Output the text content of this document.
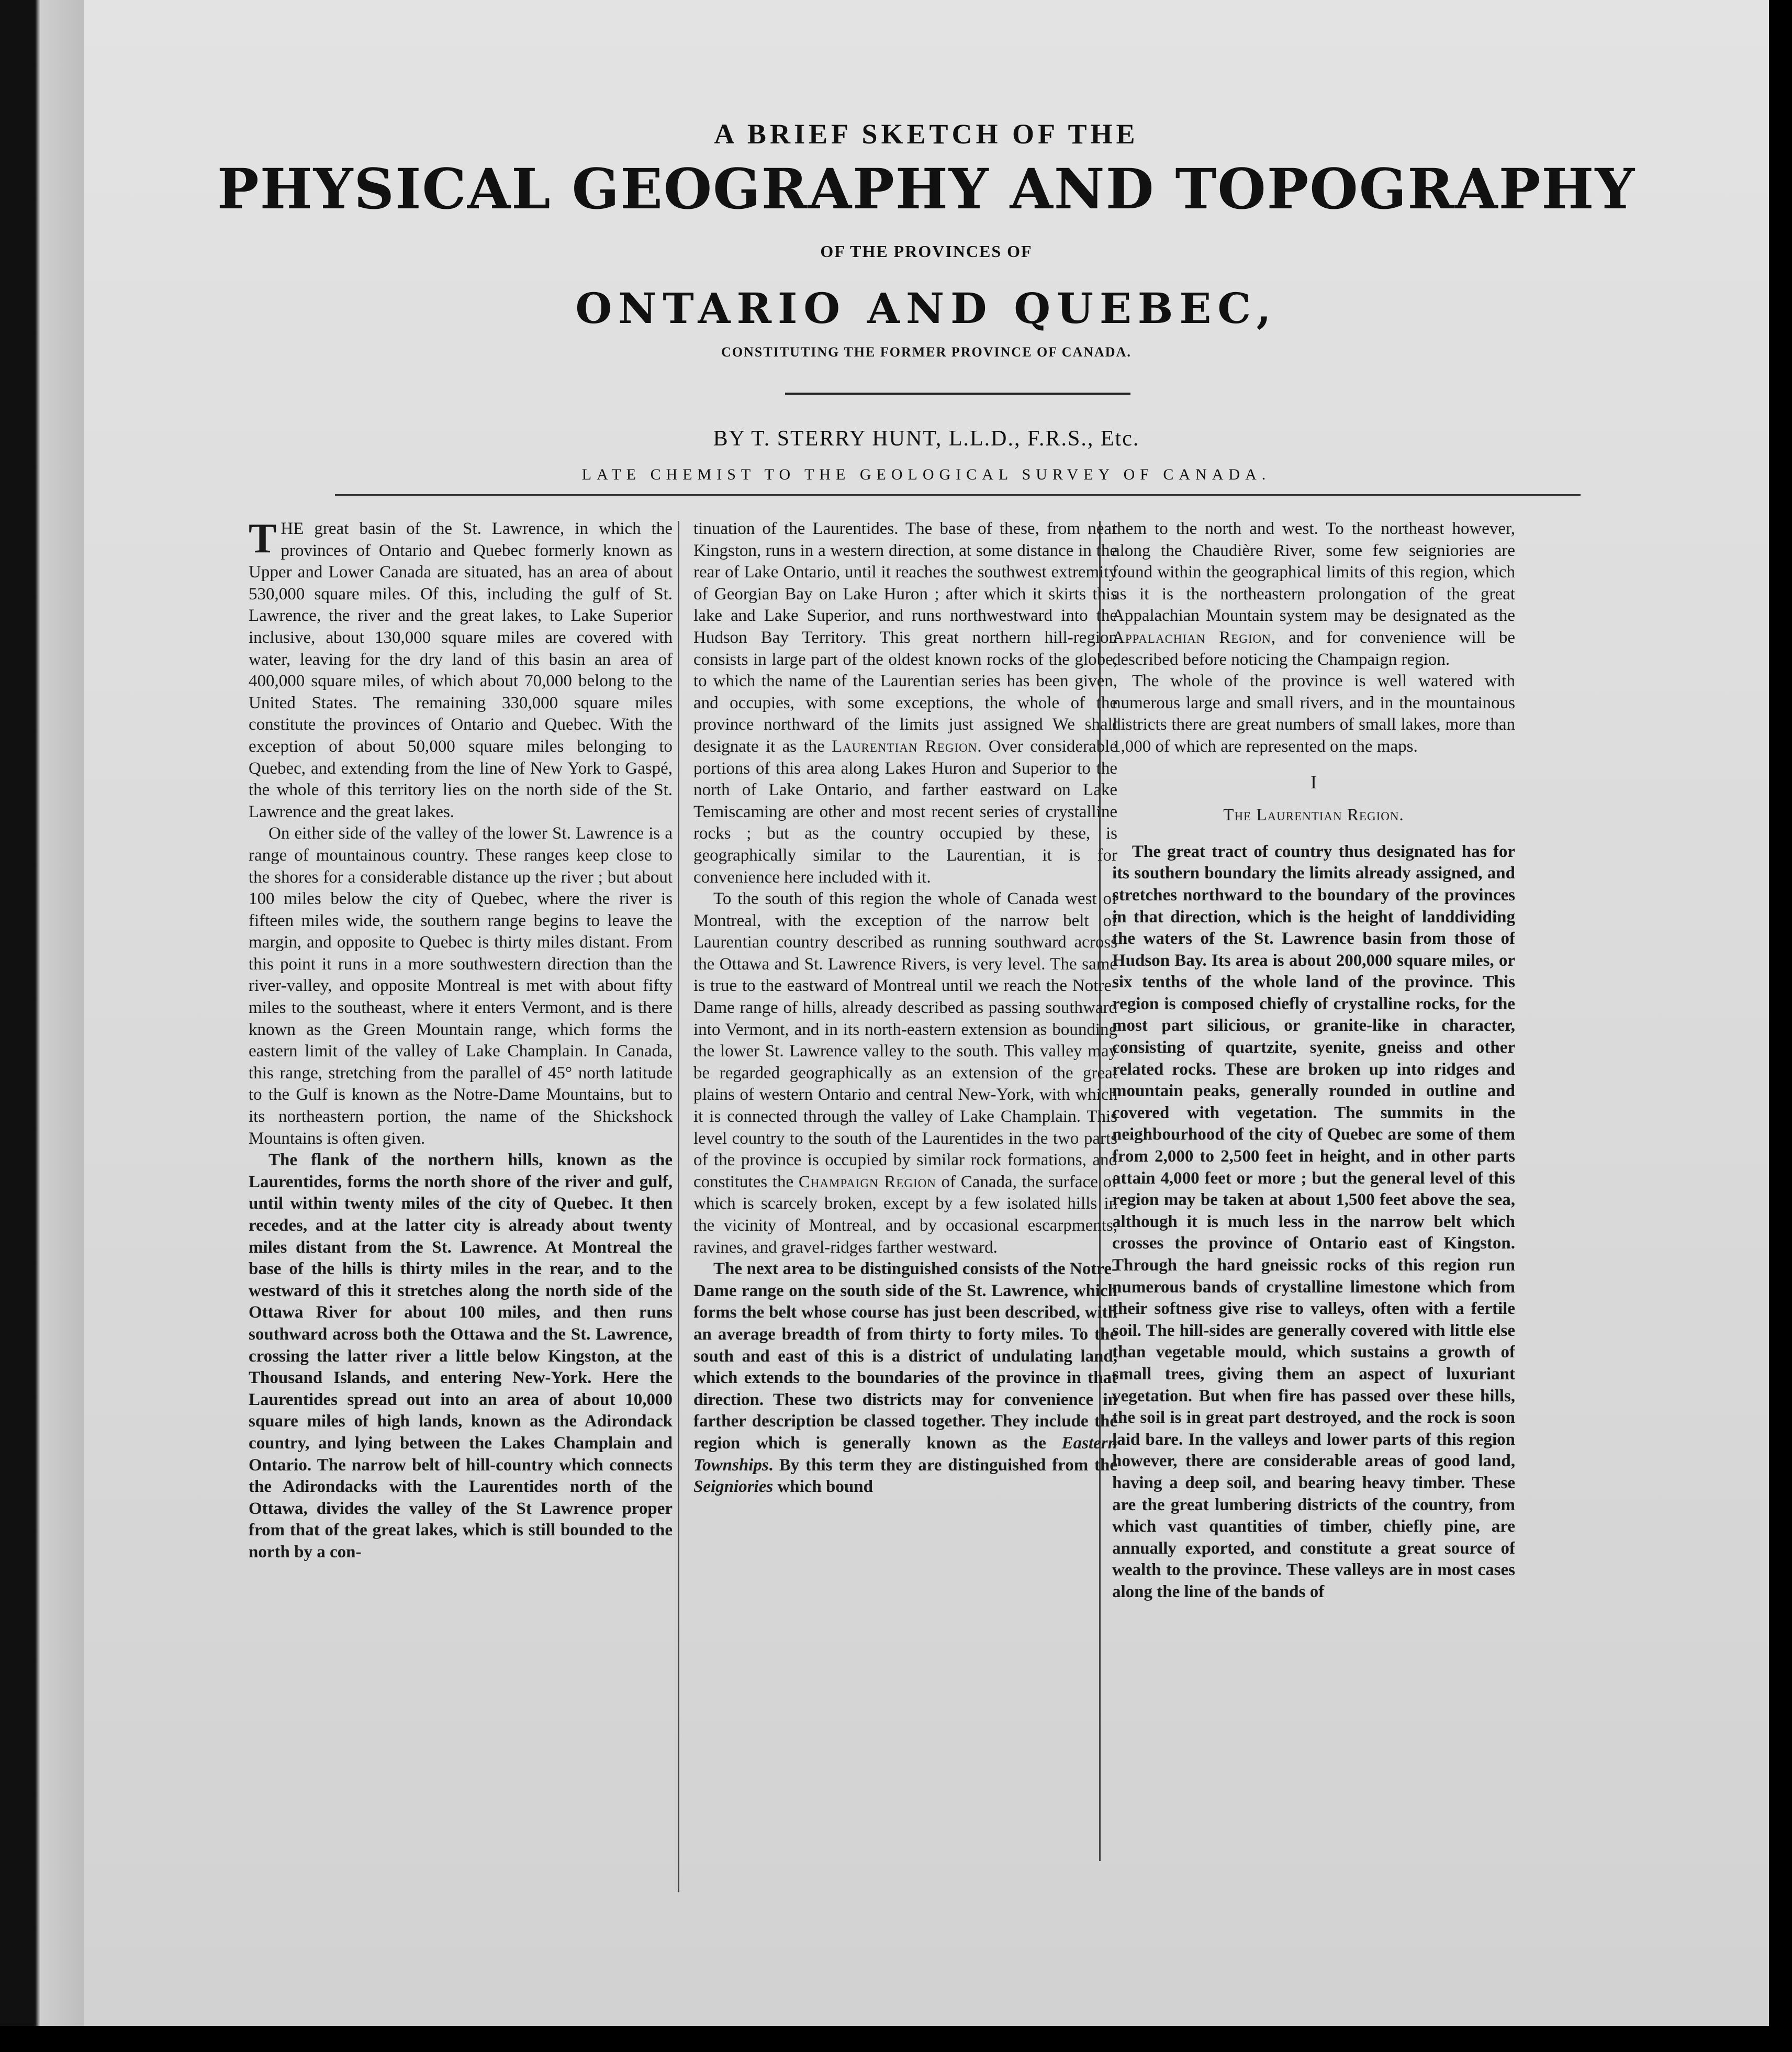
A BRIEF SKETCH OF THE
PHYSICAL GEOGRAPHY AND TOPOGRAPHY
OF THE PROVINCES OF
ONTARIO AND QUEBEC,
CONSTITUTING THE FORMER PROVINCE OF CANADA.
BY T. STERRY HUNT, L.L.D., F.R.S., Etc.
LATE CHEMIST TO THE GEOLOGICAL SURVEY OF CANADA.

THE great basin of the St. Lawrence, in which the provinces of Ontario and Quebec formerly known as Upper and Lower Canada are situated, has an area of about 530,000 square miles. Of this, including the gulf of St. Lawrence, the river and the great lakes, to Lake Superior inclusive, about 130,000 square miles are covered with water, leaving for the dry land of this basin an area of 400,000 square miles, of which about 70,000 belong to the United States. The remaining 330,000 square miles constitute the provinces of Ontario and Quebec. With the exception of about 50,000 square miles belonging to Quebec, and extending from the line of New York to Gaspé, the whole of this territory lies on the north side of the St. Lawrence and the great lakes.

On either side of the valley of the lower St. Lawrence is a range of mountainous country. These ranges keep close to the shores for a considerable distance up the river ; but about 100 miles below the city of Quebec, where the river is fifteen miles wide, the southern range begins to leave the margin, and opposite to Quebec is thirty miles distant. From this point it runs in a more southwestern direction than the river-valley, and opposite Montreal is met with about fifty miles to the southeast, where it enters Vermont, and is there known as the Green Mountain range, which forms the eastern limit of the valley of Lake Champlain. In Canada, this range, stretching from the parallel of 45° north latitude to the Gulf is known as the Notre-Dame Mountains, but to its northeastern portion, the name of the Shickshock Mountains is often given.

The flank of the northern hills, known as the Laurentides, forms the north shore of the river and gulf, until within twenty miles of the city of Quebec. It then recedes, and at the latter city is already about twenty miles distant from the St. Lawrence. At Montreal the base of the hills is thirty miles in the rear, and to the westward of this it stretches along the north side of the Ottawa River for about 100 miles, and then runs southward across both the Ottawa and the St. Lawrence, crossing the latter river a little below Kingston, at the Thousand Islands, and entering New-York. Here the Laurentides spread out into an area of about 10,000 square miles of high lands, known as the Adirondack country, and lying between the Lakes Champlain and Ontario. The narrow belt of hill-country which connects the Adirondacks with the Laurentides north of the Ottawa, divides the valley of the St Lawrence proper from that of the great lakes, which is still bounded to the north by a con-

tinuation of the Laurentides. The base of these, from near Kingston, runs in a western direction, at some distance in the rear of Lake Ontario, until it reaches the southwest extremity of Georgian Bay on Lake Huron ; after which it skirts this lake and Lake Superior, and runs northwestward into the Hudson Bay Territory. This great northern hill-region consists in large part of the oldest known rocks of the globe, to which the name of the Laurentian series has been given, and occupies, with some exceptions, the whole of the province northward of the limits just assigned We shall designate it as the Laurentian Region. Over considerable portions of this area along Lakes Huron and Superior to the north of Lake Ontario, and farther eastward on Lake Temiscaming are other and most recent series of crystalline rocks ; but as the country occupied by these, is geographically similar to the Laurentian, it is for convenience here included with it.

To the south of this region the whole of Canada west of Montreal, with the exception of the narrow belt of Laurentian country described as running southward across the Ottawa and St. Lawrence Rivers, is very level. The same is true to the eastward of Montreal until we reach the Notre-Dame range of hills, already described as passing southward into Vermont, and in its north-eastern extension as bounding the lower St. Lawrence valley to the south. This valley may be regarded geographically as an extension of the great plains of western Ontario and central New-York, with which it is connected through the valley of Lake Champlain. This level country to the south of the Laurentides in the two parts of the province is occupied by similar rock formations, and constitutes the Champaign Region of Canada, the surface of which is scarcely broken, except by a few isolated hills in the vicinity of Montreal, and by occasional escarpments, ravines, and gravel-ridges farther westward.

The next area to be distinguished consists of the Notre-Dame range on the south side of the St. Lawrence, which forms the belt whose course has just been described, with an average breadth of from thirty to forty miles. To the south and east of this is a district of undulating land, which extends to the boundaries of the province in that direction. These two districts may for convenience in farther description be classed together. They include the region which is generally known as the Eastern Townships. By this term they are distinguished from the Seigniories which bound

them to the north and west. To the northeast however, along the Chaudière River, some few seigniories are found within the geographical limits of this region, which as it is the northeastern prolongation of the great Appalachian Mountain system may be designated as the Appalachian Region, and for convenience will be described before noticing the Champaign region.

The whole of the province is well watered with numerous large and small rivers, and in the mountainous districts there are great numbers of small lakes, more than 1,000 of which are represented on the maps.

I

The Laurentian Region.

The great tract of country thus designated has for its southern boundary the limits already assigned, and stretches northward to the boundary of the provinces in that direction, which is the height of landdividing the waters of the St. Lawrence basin from those of Hudson Bay. Its area is about 200,000 square miles, or six tenths of the whole land of the province. This region is composed chiefly of crystalline rocks, for the most part silicious, or granite-like in character, consisting of quartzite, syenite, gneiss and other related rocks. These are broken up into ridges and mountain peaks, generally rounded in outline and covered with vegetation. The summits in the neighbourhood of the city of Quebec are some of them from 2,000 to 2,500 feet in height, and in other parts attain 4,000 feet or more ; but the general level of this region may be taken at about 1,500 feet above the sea, although it is much less in the narrow belt which crosses the province of Ontario east of Kingston. Through the hard gneissic rocks of this region run numerous bands of crystalline limestone which from their softness give rise to valleys, often with a fertile soil. The hill-sides are generally covered with little else than vegetable mould, which sustains a growth of small trees, giving them an aspect of luxuriant vegetation. But when fire has passed over these hills, the soil is in great part destroyed, and the rock is soon laid bare. In the valleys and lower parts of this region however, there are considerable areas of good land, having a deep soil, and bearing heavy timber. These are the great lumbering districts of the country, from which vast quantities of timber, chiefly pine, are annually exported, and constitute a great source of wealth to the province. These valleys are in most cases along the line of the bands of
